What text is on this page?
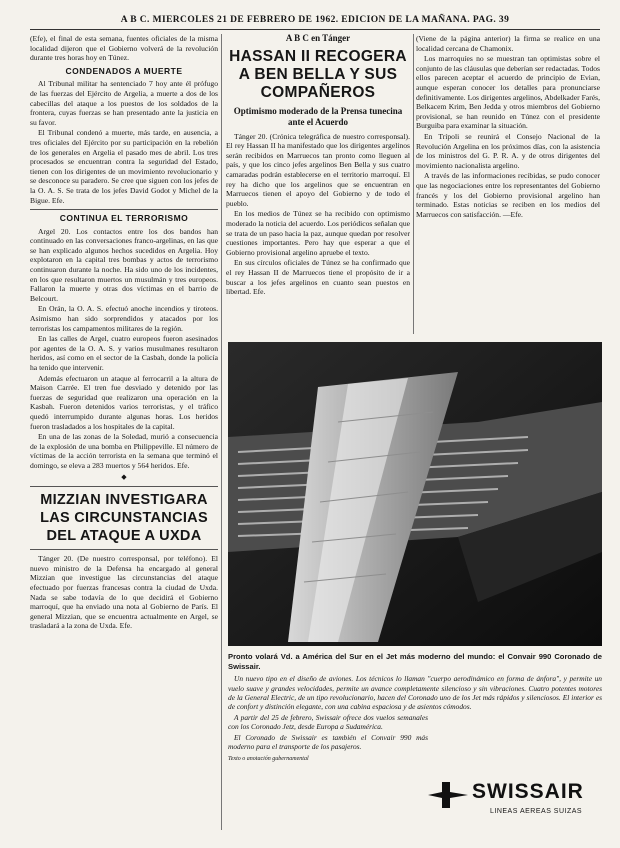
A B C. MIERCOLES 21 DE FEBRERO DE 1962. EDICION DE LA MAÑANA. PAG. 39

(Efe), el final de esta semana, fuentes oficiales de la misma localidad dijeron que el Gobierno volverá de la revolución durante tres horas hoy en Túnez.

CONDENADOS A MUERTE

Al Tribunal militar ha sentenciado 7 hoy ante él prófugo de las fuerzas del Ejército de Argelia, a muerte a dos de los cabecillas del ataque a los puestos de los soldados de la frontera, cuyas fuerzas se han presentado ante la justicia en su favor.

El Tribunal condenó a muerte, más tarde, en ausencia, a tres oficiales del Ejército por su participación en la rebelión de los generales en Argelia el pasado mes de abril. Los tres procesados se encuentran contra la seguridad del Estado, tienen con los dirigentes de un movimiento revolucionario y se desconoce su paradero. Se cree que siguen con los jefes de la O. A. S. Se trata de los jefes David Godot y Michel de la Bigue. Efe.

CONTINUA EL TERRORISMO

Argel 20. Los contactos entre los dos bandos han continuado en las conversaciones franco-argelinas, en las que se han explicado algunos hechos sucedidos en Argelia. Hoy explotaron en la capital tres bombas y actos de terrorismo continuaron durante la noche. Ha sido uno de los incidentes, en los que resultaron muertos un musulmán y tres europeos. Fallaron la muerte y otras dos víctimas en el barrio de Belcourt.

En Orán, la O. A. S. efectuó anoche incendios y tiroteos. Asimismo han sido sorprendidos y atacados por los terroristas los campamentos militares de la región.

En las calles de Argel, cuatro europeos fueron asesinados por agentes de la O. A. S. y varios musulmanes resultaron heridos, así como en el sector de la Casbah, donde la policía ha tenido que intervenir.

Además efectuaron un ataque al ferrocarril a la altura de Maison Carrée. El tren fue desviado y detenido por las fuerzas de seguridad que realizaron una operación en la Kasbah. Fueron detenidos varios terroristas, y el tráfico quedó interrumpido durante algunas horas. Los heridos fueron trasladados a los hospitales de la capital.

En una de las zonas de la Soledad, murió a consecuencia de la explosión de una bomba en Philippeville. El número de víctimas de la acción terrorista en la semana que terminó el domingo, se eleva a 283 muertos y 564 heridos. Efe.

◆
MIZZIAN INVESTIGARA LAS CIRCUNSTANCIAS DEL ATAQUE A UXDA

Tánger 20. (De nuestro corresponsal, por teléfono). El nuevo ministro de la Defensa ha encargado al general Mizzian que investigue las circunstancias del ataque efectuado por fuerzas francesas contra la ciudad de Uxda. Nada se sabe todavía de lo que decidirá el Gobierno marroquí, que ha enviado una nota al Gobierno de París. El general Mizzian, que se encuentra actualmente en Argel, se trasladará a la zona de Uxda. Efe.

A B C en Tánger
HASSAN II RECOGERA A BEN BELLA Y SUS COMPAÑEROS
Optimismo moderado de la Prensa tunecina ante el Acuerdo

Tánger 20. (Crónica telegráfica de nuestro corresponsal). El rey Hassan II ha manifestado que los dirigentes argelinos serán recibidos en Marruecos tan pronto como lleguen al país, y que los cinco jefes argelinos Ben Bella y sus cuatro camaradas podrán establecerse en el territorio marroquí. El rey ha dicho que los argelinos que se encuentran en Marruecos tienen el apoyo del Gobierno y de todo el pueblo.

En los medios de Túnez se ha recibido con optimismo moderado la noticia del acuerdo. Los periódicos señalan que se trata de un paso hacia la paz, aunque quedan por resolver cuestiones importantes. Pero hay que esperar a que el Gobierno provisional argelino apruebe el texto.

En sus círculos oficiales de Túnez se ha confirmado que el rey Hassan II de Marruecos tiene el propósito de ir a buscar a los jefes argelinos en cuanto sean puestos en libertad. Efe.

(Viene de la página anterior) la firma se realice en una localidad cercana de Chamonix.

Los marroquíes no se muestran tan optimistas sobre el conjunto de las cláusulas que deberían ser redactadas. Todos ellos parecen aceptar el acuerdo de principio de Evian, aunque esperan conocer los detalles para pronunciarse definitivamente. Los dirigentes argelinos, Abdelkader Farés, Belkacem Krim, Ben Jedda y otros miembros del Gobierno provisional, se han reunido en Túnez con el presidente Burguiba para examinar la situación.

En Trípoli se reunirá el Consejo Nacional de la Revolución Argelina en los próximos días, con la asistencia de los ministros del G. P. R. A. y de otros dirigentes del movimiento nacionalista argelino.

A través de las informaciones recibidas, se pudo conocer que las negociaciones entre los representantes del Gobierno francés y los del Gobierno provisional argelino han terminado. Estas noticias se reciben en los medios del Marruecos con satisfacción. —Efe.

Pronto volará Vd. a América del Sur en el Jet más moderno del mundo: el Convair 990 Coronado de Swissair.

Un nuevo tipo en el diseño de aviones. Los técnicos lo llaman "cuerpo aerodinámico en forma de ánfora", y permite un vuelo suave y grandes velocidades, permite un avance completamente silencioso y sin vibraciones. Cuatro potentes motores de la General Electric, de un tipo revolucionario, hacen del Coronado uno de los Jet más rápidos y silenciosos. El interior es de confort y distinción elegante, con una cabina espaciosa y de asientos cómodos.

A partir del 25 de febrero, Swissair ofrece dos vuelos semanales con los Coronado Jetz, desde Europa a Sudamérica.

El Coronado de Swissair es también el Convair 990 más moderno para el transporte de los pasajeros.

Texto o anotación gubernamental
SWISSAIR
LINEAS AEREAS SUIZAS
